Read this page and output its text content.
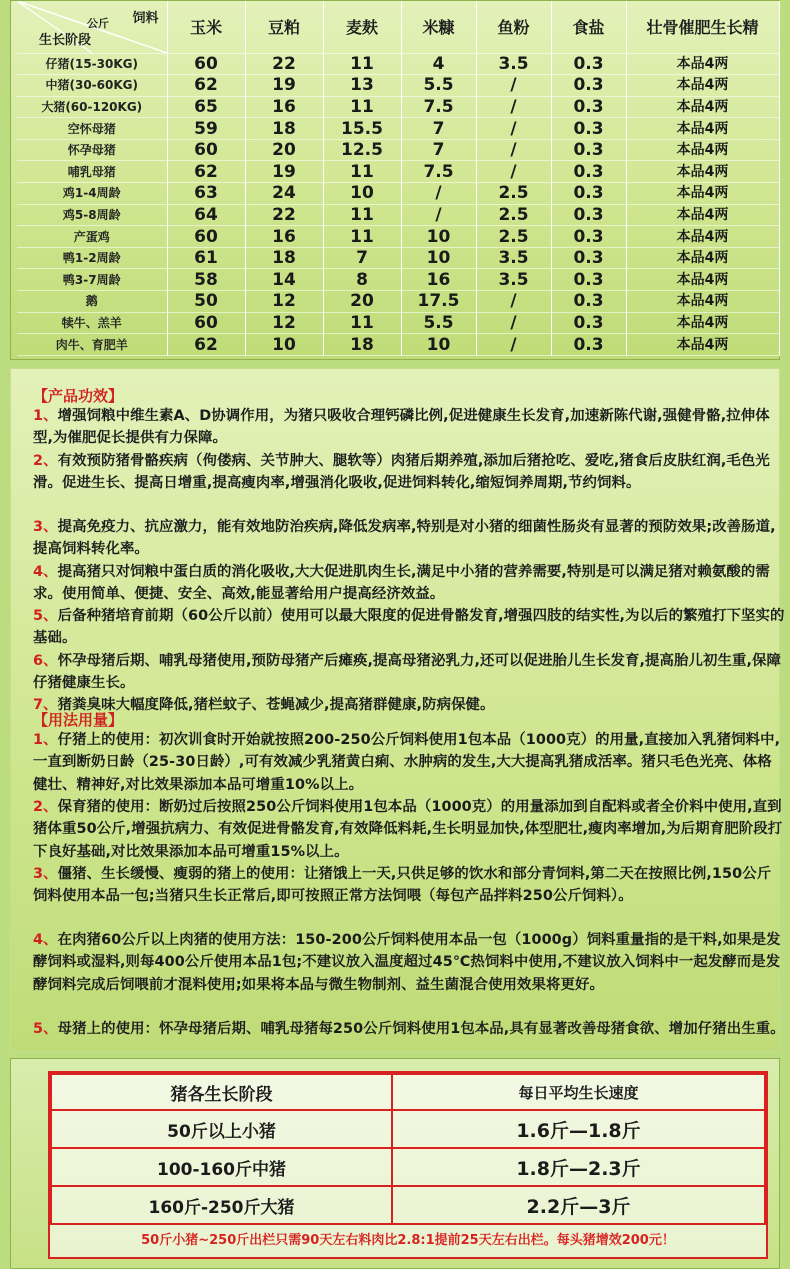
饲料
公斤
生长阶段	玉米	豆粕	麦麸	米糠	鱼粉	食盐	壮骨催肥生长精
仔猪(15-30KG)	60	22	11	4	3.5	0.3	本品4两
中猪(30-60KG)	62	19	13	5.5	/	0.3	本品4两
大猪(60-120KG)	65	16	11	7.5	/	0.3	本品4两
空怀母猪	59	18	15.5	7	/	0.3	本品4两
怀孕母猪	60	20	12.5	7	/	0.3	本品4两
哺乳母猪	62	19	11	7.5	/	0.3	本品4两
鸡1-4周龄	63	24	10	/	2.5	0.3	本品4两
鸡5-8周龄	64	22	11	/	2.5	0.3	本品4两
产蛋鸡	60	16	11	10	2.5	0.3	本品4两
鸭1-2周龄	61	18	7	10	3.5	0.3	本品4两
鸭3-7周龄	58	14	8	16	3.5	0.3	本品4两
鹅	50	12	20	17.5	/	0.3	本品4两
犊牛、羔羊	60	12	11	5.5	/	0.3	本品4两
肉牛、育肥羊	62	10	18	10	/	0.3	本品4两
【产品功效】
1、增强饲粮中维生素A、D协调作用，为猪只吸收合理钙磷比例,促进健康生长发育,加速新陈代谢,强健骨骼,拉伸体型,为催肥促长提供有力保障。
2、有效预防猪骨骼疾病（佝偻病、关节肿大、腿软等）肉猪后期养殖,添加后猪抢吃、爱吃,猪食后皮肤红润,毛色光滑。促进生长、提高日增重,提高瘦肉率,增强消化吸收,促进饲料转化,缩短饲养周期,节约饲料。
3、提高免疫力、抗应激力，能有效地防治疾病,降低发病率,特别是对小猪的细菌性肠炎有显著的预防效果;改善肠道,提高饲料转化率。
4、提高猪只对饲粮中蛋白质的消化吸收,大大促进肌肉生长,满足中小猪的营养需要,特别是可以满足猪对赖氨酸的需求。使用简单、便捷、安全、高效,能显著给用户提高经济效益。
5、后备种猪培育前期（60公斤以前）使用可以最大限度的促进骨骼发育,增强四肢的结实性,为以后的繁殖打下坚实的基础。
6、怀孕母猪后期、哺乳母猪使用,预防母猪产后瘫痪,提高母猪泌乳力,还可以促进胎儿生长发育,提高胎儿初生重,保障仔猪健康生长。
7、猪粪臭味大幅度降低,猪栏蚊子、苍蝇减少,提高猪群健康,防病保健。
【用法用量】
1、仔猪上的使用：初次训食时开始就按照200-250公斤饲料使用1包本品（1000克）的用量,直接加入乳猪饲料中,一直到断奶日龄（25-30日龄）,可有效减少乳猪黄白痢、水肿病的发生,大大提高乳猪成活率。猪只毛色光亮、体格健壮、精神好,对比效果添加本品可增重10%以上。
2、保育猪的使用：断奶过后按照250公斤饲料使用1包本品（1000克）的用量添加到自配料或者全价料中使用,直到猪体重50公斤,增强抗病力、有效促进骨骼发育,有效降低料耗,生长明显加快,体型肥壮,瘦肉率增加,为后期育肥阶段打下良好基础,对比效果添加本品可增重15%以上。
3、僵猪、生长缓慢、瘦弱的猪上的使用：让猪饿上一天,只供足够的饮水和部分青饲料,第二天在按照比例,150公斤饲料使用本品一包;当猪只生长正常后,即可按照正常方法饲喂（每包产品拌料250公斤饲料）。
4、在肉猪60公斤以上肉猪的使用方法：150-200公斤饲料使用本品一包（1000g）饲料重量指的是干料,如果是发酵饲料或湿料,则每400公斤使用本品1包;不建议放入温度超过45℃热饲料中使用,不建议放入饲料中一起发酵而是发酵饲料完成后饲喂前才混料使用;如果将本品与微生物制剂、益生菌混合使用效果将更好。
5、母猪上的使用：怀孕母猪后期、哺乳母猪每250公斤饲料使用1包本品,具有显著改善母猪食欲、增加仔猪出生重。
猪各生长阶段	每日平均生长速度
50斤以上小猪	1.6斤—1.8斤
100-160斤中猪	1.8斤—2.3斤
160斤-250斤大猪	2.2斤—3斤
50斤小猪~250斤出栏只需90天左右料肉比2.8:1提前25天左右出栏。每头猪增效200元！
